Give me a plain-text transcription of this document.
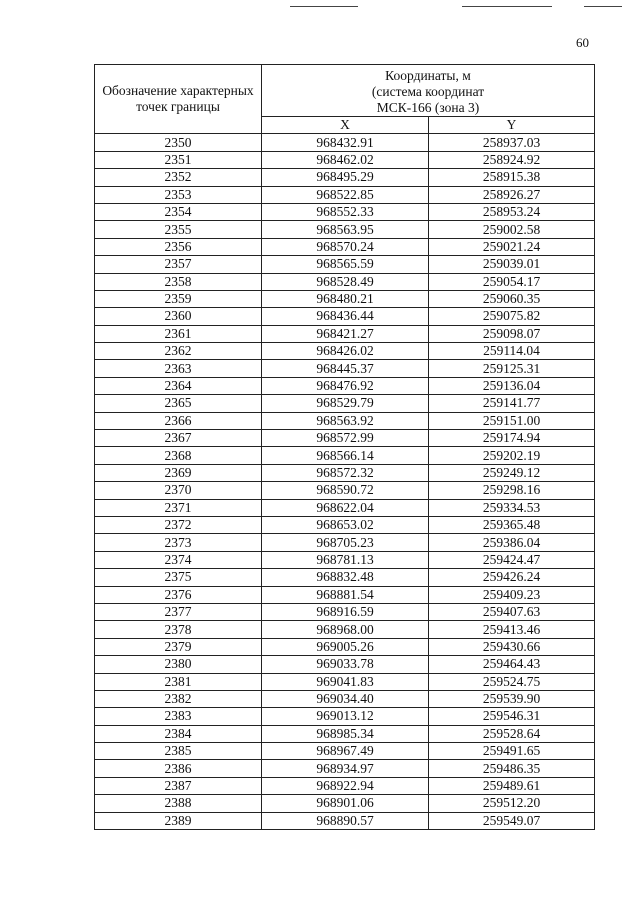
60
Обозначение характерных точек границы	Координаты, м
(система координат
МСК-166 (зона 3)	

	X	Y
2350	968432.91	258937.03
2351	968462.02	258924.92
2352	968495.29	258915.38
2353	968522.85	258926.27
2354	968552.33	258953.24
2355	968563.95	259002.58
2356	968570.24	259021.24
2357	968565.59	259039.01
2358	968528.49	259054.17
2359	968480.21	259060.35
2360	968436.44	259075.82
2361	968421.27	259098.07
2362	968426.02	259114.04
2363	968445.37	259125.31
2364	968476.92	259136.04
2365	968529.79	259141.77
2366	968563.92	259151.00
2367	968572.99	259174.94
2368	968566.14	259202.19
2369	968572.32	259249.12
2370	968590.72	259298.16
2371	968622.04	259334.53
2372	968653.02	259365.48
2373	968705.23	259386.04
2374	968781.13	259424.47
2375	968832.48	259426.24
2376	968881.54	259409.23
2377	968916.59	259407.63
2378	968968.00	259413.46
2379	969005.26	259430.66
2380	969033.78	259464.43
2381	969041.83	259524.75
2382	969034.40	259539.90
2383	969013.12	259546.31
2384	968985.34	259528.64
2385	968967.49	259491.65
2386	968934.97	259486.35
2387	968922.94	259489.61
2388	968901.06	259512.20
2389	968890.57	259549.07
